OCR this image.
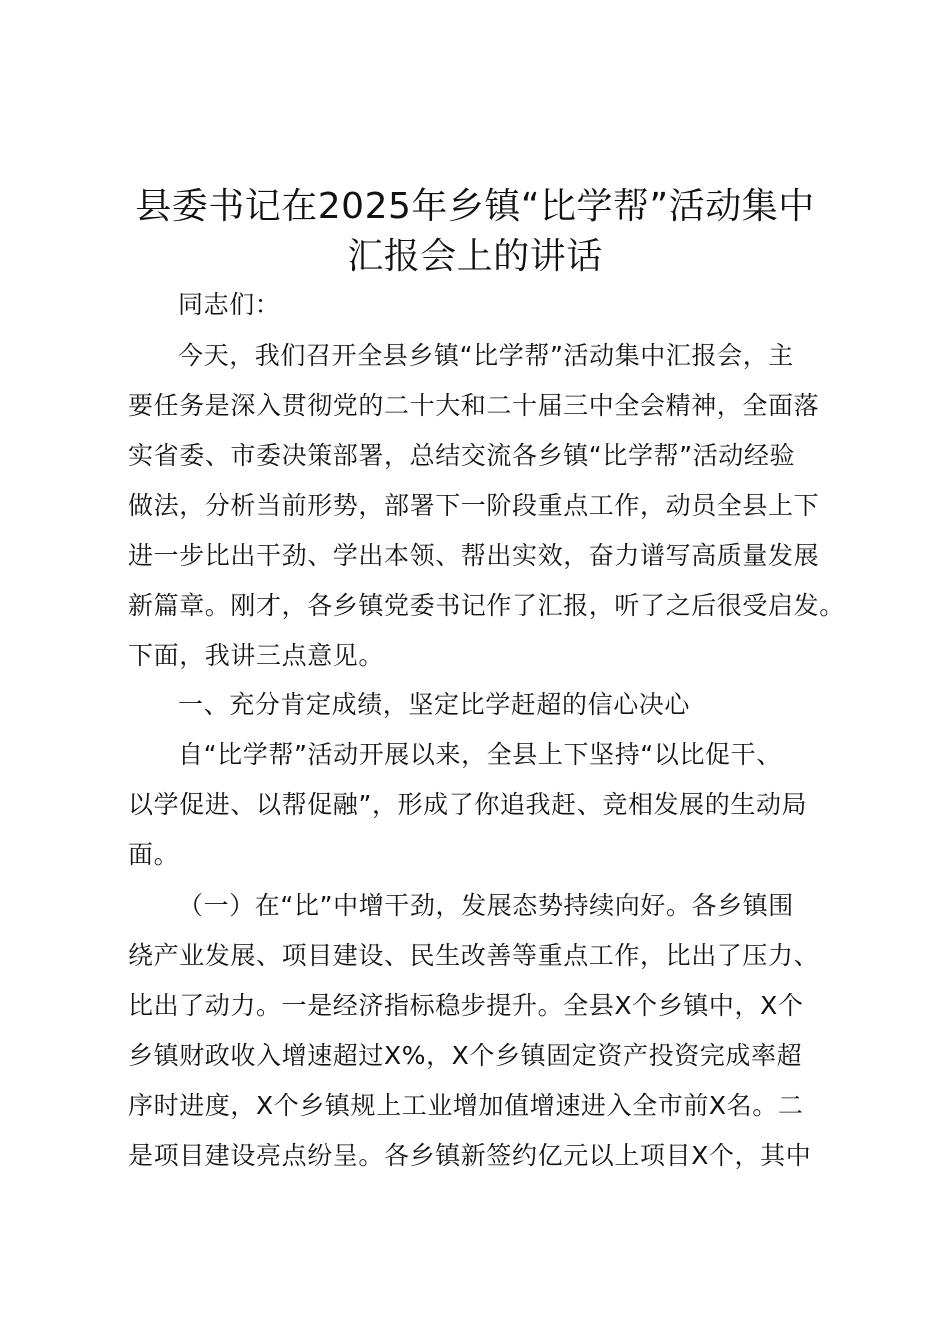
县委书记在2025年乡镇“比学帮”活动集中
汇报会上的讲话
同志们：
今天，我们召开全县乡镇“比学帮”活动集中汇报会，主
要任务是深入贯彻党的二十大和二十届三中全会精神，全面落
实省委、市委决策部署，总结交流各乡镇“比学帮”活动经验
做法，分析当前形势，部署下一阶段重点工作，动员全县上下
进一步比出干劲、学出本领、帮出实效，奋力谱写高质量发展
新篇章。刚才，各乡镇党委书记作了汇报，听了之后很受启发。
下面，我讲三点意见。
一、充分肯定成绩，坚定比学赶超的信心决心
自“比学帮”活动开展以来，全县上下坚持“以比促干、
以学促进、以帮促融”，形成了你追我赶、竞相发展的生动局
面。
（一）在“比”中增干劲，发展态势持续向好。各乡镇围
绕产业发展、项目建设、民生改善等重点工作，比出了压力、
比出了动力。一是经济指标稳步提升。全县X个乡镇中，X个
乡镇财政收入增速超过X%，X个乡镇固定资产投资完成率超
序时进度，X个乡镇规上工业增加值增速进入全市前X名。二
是项目建设亮点纷呈。各乡镇新签约亿元以上项目X个，其中
